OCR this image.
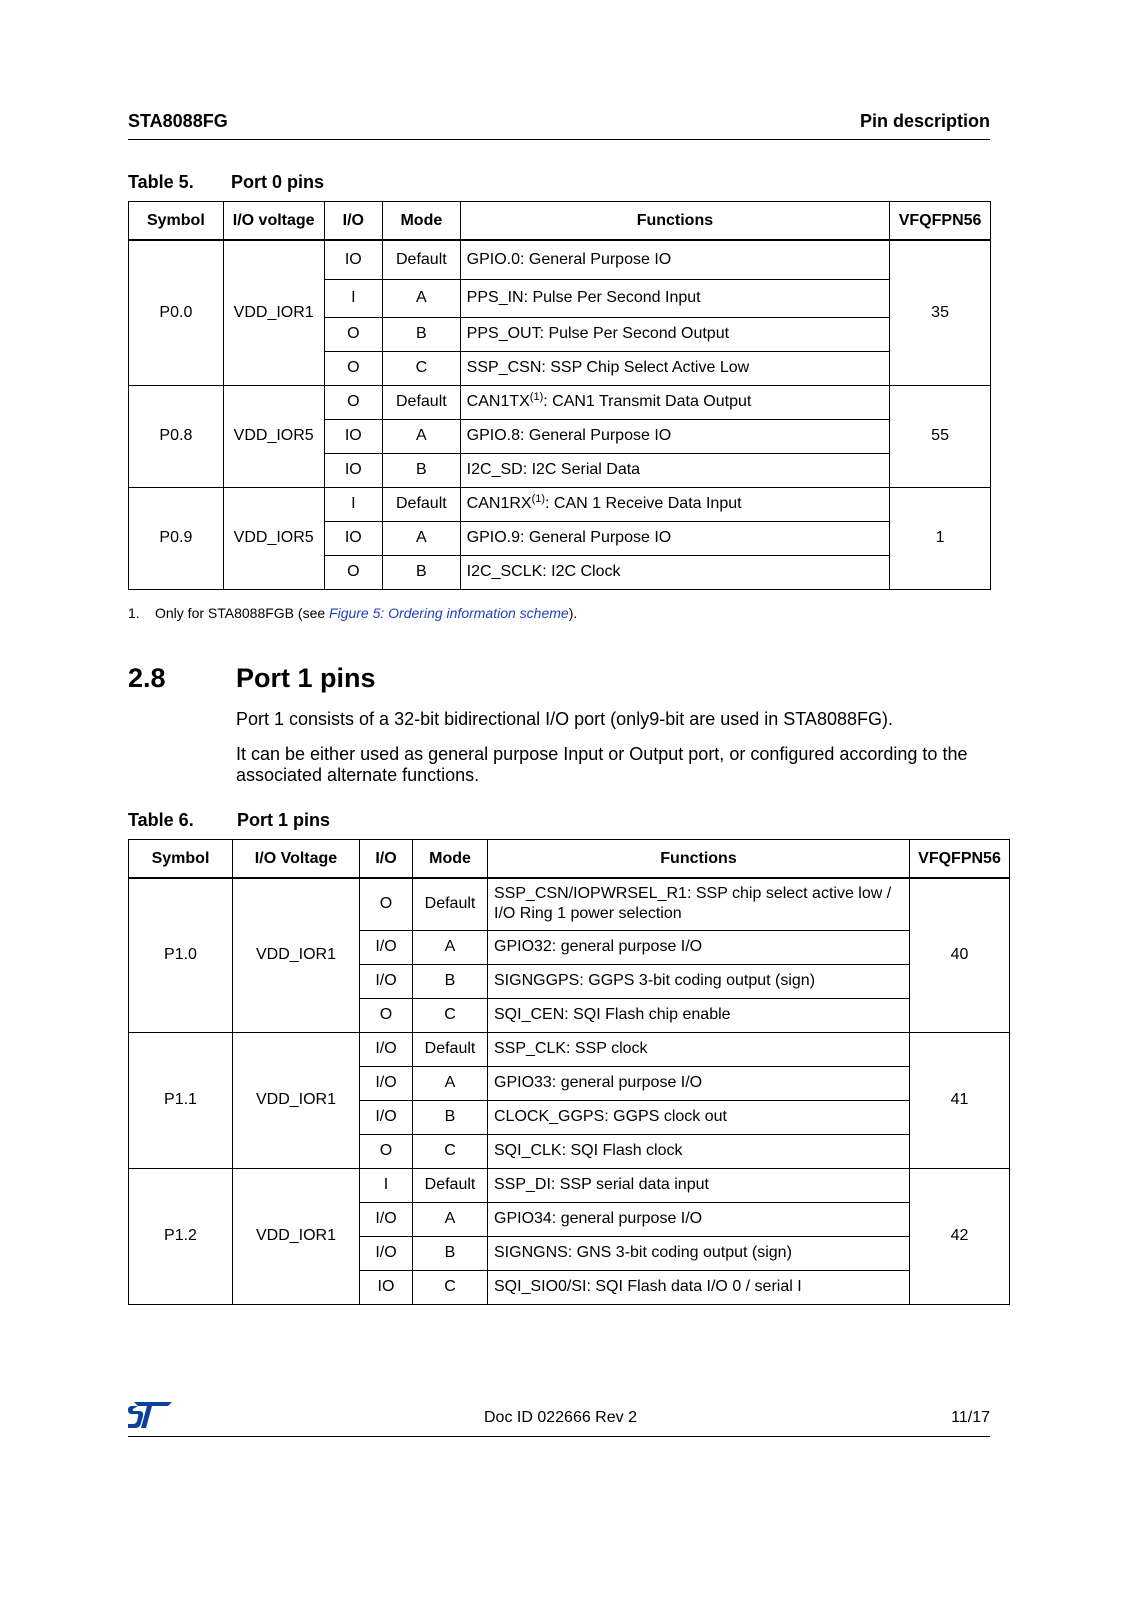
STA8088FG	Pin description
Table 5. Port 0 pins
Symbol	I/O voltage	I/O	Mode	Functions	VFQFPN56
P0.0	VDD_IOR1	IO	Default	GPIO.0: General Purpose IO	35
		I	A	PPS_IN: Pulse Per Second Input	
		O	B	PPS_OUT: Pulse Per Second Output	
		O	C	SSP_CSN: SSP Chip Select Active Low	
P0.8	VDD_IOR5	O	Default	CAN1TX$^{(1)}$: CAN1 Transmit Data Output	55
		IO	A	GPIO.8: General Purpose IO	
		IO	B	I2C_SD: I2C Serial Data	
P0.9	VDD_IOR5	I	Default	CAN1RX$^{(1)}$: CAN 1 Receive Data Input	1
		IO	A	GPIO.9: General Purpose IO	
		O	B	I2C_SCLK: I2C Clock	
1. Only for STA8088FGB (see Figure 5: Ordering information scheme).
2.8	Port 1 pins
Port 1 consists of a 32-bit bidirectional I/O port (only9-bit are used in STA8088FG).
It can be either used as general purpose Input or Output port, or configured according to the associated alternate functions.
Table 6. Port 1 pins
Symbol	I/O Voltage	I/O	Mode	Functions	VFQFPN56
P1.0	VDD_IOR1	O	Default	SSP_CSN/IOPWRSEL_R1: SSP chip select active low / I/O Ring 1 power selection	40
		I/O	A	GPIO32: general purpose I/O	
		I/O	B	SIGNGGPS: GGPS 3-bit coding output (sign)	
		O	C	SQI_CEN: SQI Flash chip enable	
P1.1	VDD_IOR1	I/O	Default	SSP_CLK: SSP clock	41
		I/O	A	GPIO33: general purpose I/O	
		I/O	B	CLOCK_GGPS: GGPS clock out	
		O	C	SQI_CLK: SQI Flash clock	
P1.2	VDD_IOR1	I	Default	SSP_DI: SSP serial data input	42
		I/O	A	GPIO34: general purpose I/O	
		I/O	B	SIGNGNS: GNS 3-bit coding output (sign)	
		IO	C	SQI_SIO0/SI: SQI Flash data I/O 0 / serial I	
Doc ID 022666 Rev 2	11/17
